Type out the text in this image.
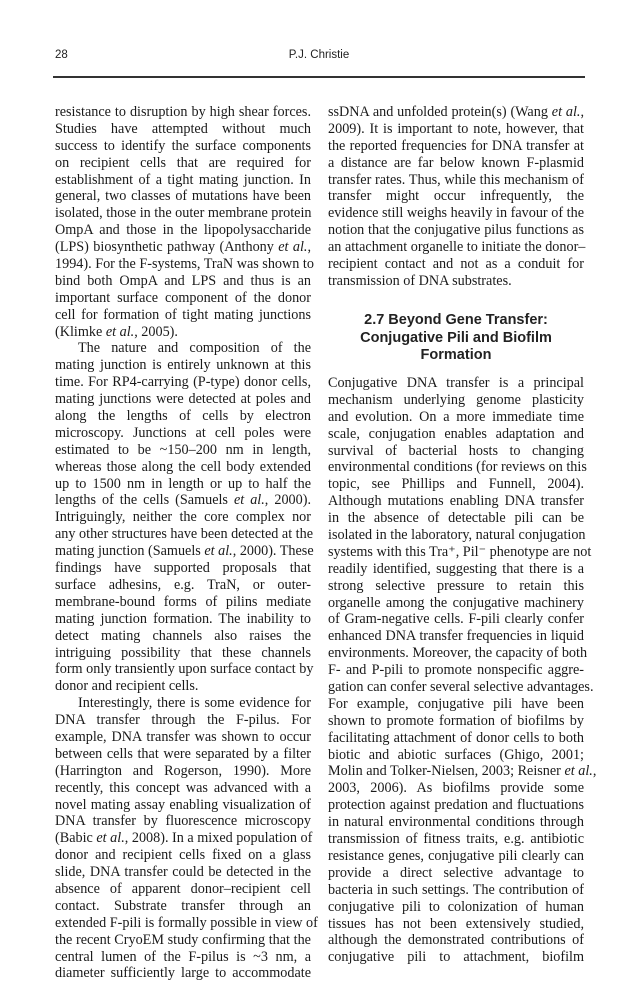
28	P.J. Christie
resistance to disruption by high shear forces.
Studies have attempted without much
success to identify the surface components
on recipient cells that are required for
establishment of a tight mating junction. In
general, two classes of mutations have been
isolated, those in the outer membrane protein
OmpA and those in the lipopolysaccharide
(LPS) biosynthetic pathway (Anthony et al.,
1994). For the F-systems, TraN was shown to
bind both OmpA and LPS and thus is an
important surface component of the donor
cell for formation of tight mating junctions
(Klimke et al., 2005).
The nature and composition of the
mating junction is entirely unknown at this
time. For RP4-carrying (P-type) donor cells,
mating junctions were detected at poles and
along the lengths of cells by electron
microscopy. Junctions at cell poles were
estimated to be ~150–200 nm in length,
whereas those along the cell body extended
up to 1500 nm in length or up to half the
lengths of the cells (Samuels et al., 2000).
Intriguingly, neither the core complex nor
any other structures have been detected at the
mating junction (Samuels et al., 2000). These
findings have supported proposals that
surface adhesins, e.g. TraN, or outer-
membrane-bound forms of pilins mediate
mating junction formation. The inability to
detect mating channels also raises the
intriguing possibility that these channels
form only transiently upon surface contact by
donor and recipient cells.
Interestingly, there is some evidence for
DNA transfer through the F-pilus. For
example, DNA transfer was shown to occur
between cells that were separated by a filter
(Harrington and Rogerson, 1990). More
recently, this concept was advanced with a
novel mating assay enabling visualization of
DNA transfer by fluorescence microscopy
(Babic et al., 2008). In a mixed population of
donor and recipient cells fixed on a glass
slide, DNA transfer could be detected in the
absence of apparent donor–recipient cell
contact. Substrate transfer through an
extended F-pili is formally possible in view of
the recent CryoEM study confirming that the
central lumen of the F-pilus is ~3 nm, a
diameter sufficiently large to accommodate
ssDNA and unfolded protein(s) (Wang et al.,
2009). It is important to note, however, that
the reported frequencies for DNA transfer at
a distance are far below known F-plasmid
transfer rates. Thus, while this mechanism of
transfer might occur infrequently, the
evidence still weighs heavily in favour of the
notion that the conjugative pilus functions as
an attachment organelle to initiate the donor–
recipient contact and not as a conduit for
transmission of DNA substrates.
2.7 Beyond Gene Transfer:
Conjugative Pili and Biofilm
Formation
Conjugative DNA transfer is a principal
mechanism underlying genome plasticity
and evolution. On a more immediate time
scale, conjugation enables adaptation and
survival of bacterial hosts to changing
environmental conditions (for reviews on this
topic, see Phillips and Funnell, 2004).
Although mutations enabling DNA transfer
in the absence of detectable pili can be
isolated in the laboratory, natural conjugation
systems with this Tra⁺, Pil⁻ phenotype are not
readily identified, suggesting that there is a
strong selective pressure to retain this
organelle among the conjugative machinery
of Gram-negative cells. F-pili clearly confer
enhanced DNA transfer frequencies in liquid
environments. Moreover, the capacity of both
F- and P-pili to promote nonspecific aggre-
gation can confer several selective advantages.
For example, conjugative pili have been
shown to promote formation of biofilms by
facilitating attachment of donor cells to both
biotic and abiotic surfaces (Ghigo, 2001;
Molin and Tolker-Nielsen, 2003; Reisner et al.,
2003, 2006). As biofilms provide some
protection against predation and fluctuations
in natural environmental conditions through
transmission of fitness traits, e.g. antibiotic
resistance genes, conjugative pili clearly can
provide a direct selective advantage to
bacteria in such settings. The contribution of
conjugative pili to colonization of human
tissues has not been extensively studied,
although the demonstrated contributions of
conjugative pili to attachment, biofilm
